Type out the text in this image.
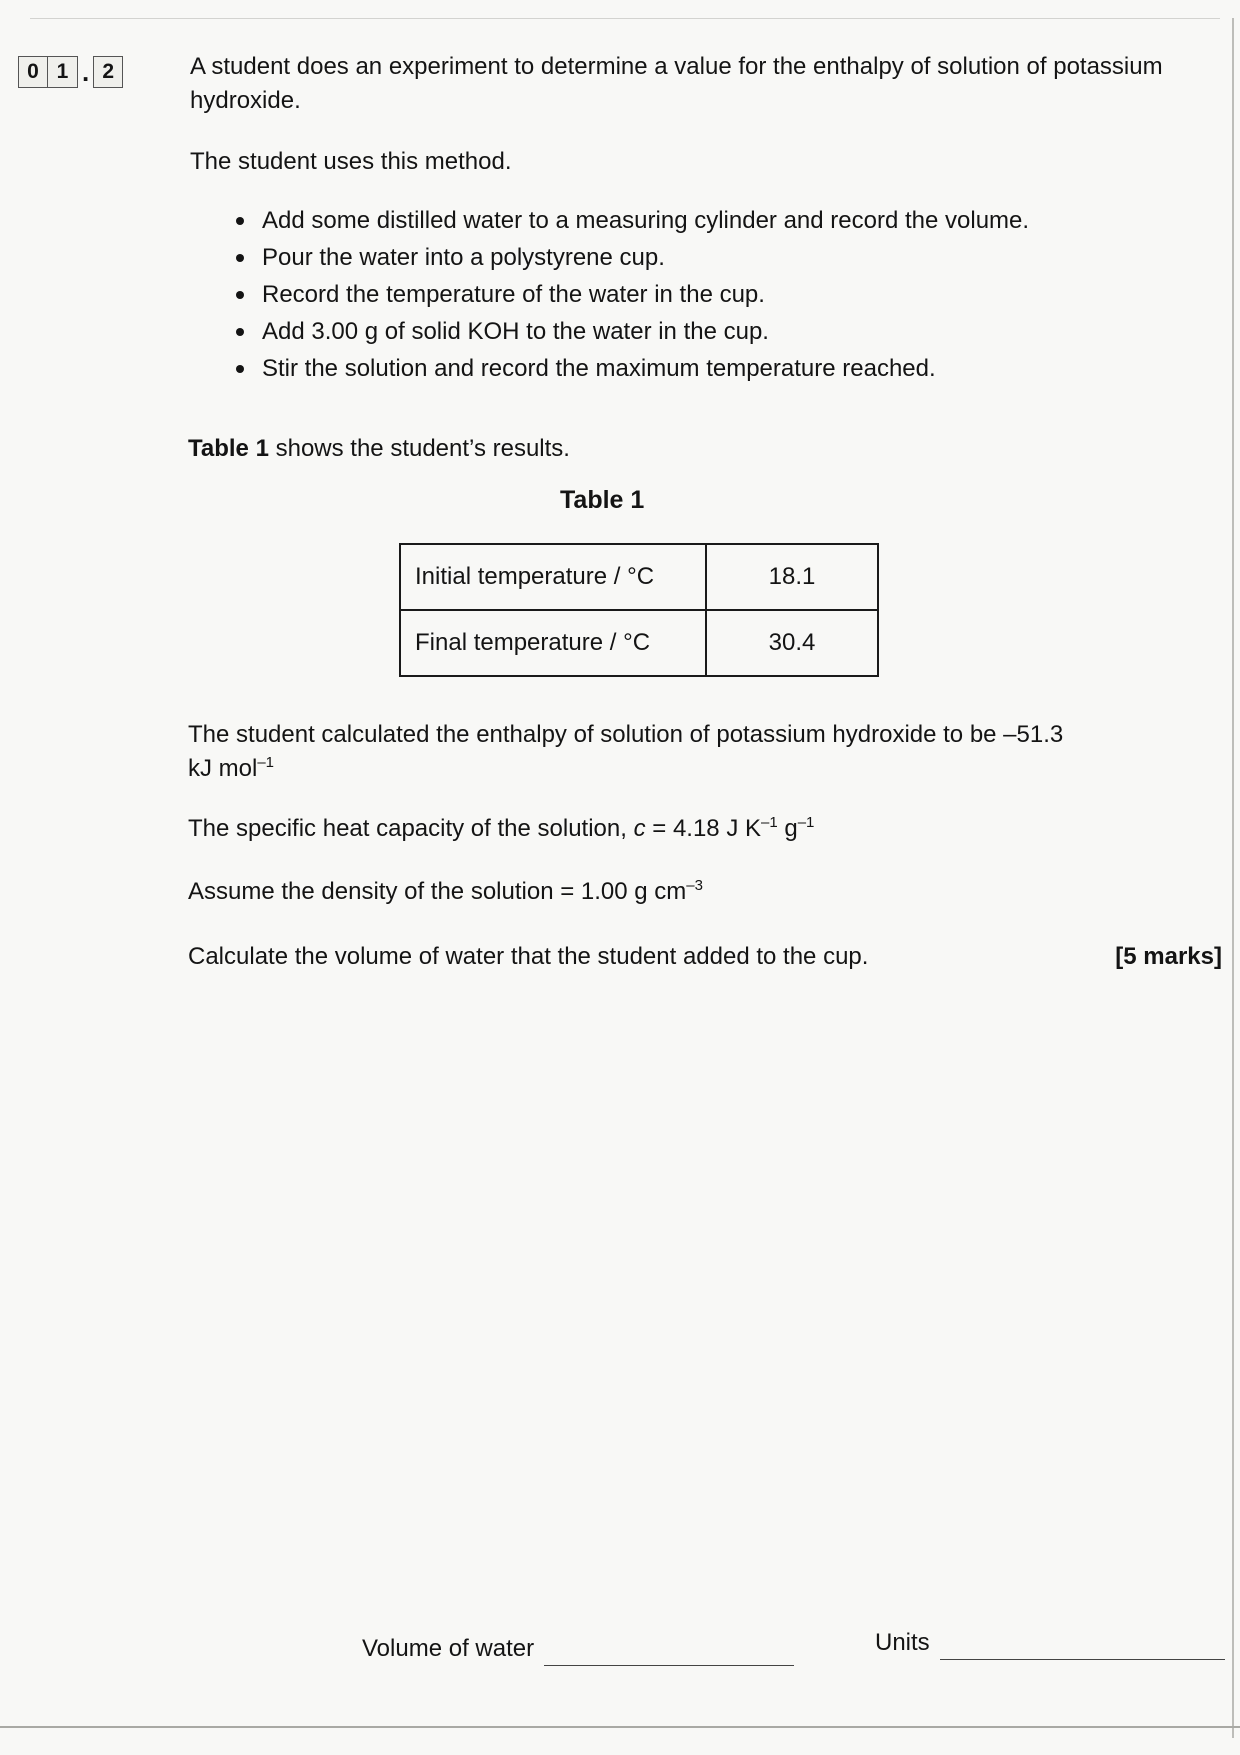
0 1 . 2	A student does an experiment to determine a value for the enthalpy of solution of potassium hydroxide.

The student uses this method.

Add some distilled water to a measuring cylinder and record the volume.
Pour the water into a polystyrene cup.
Record the temperature of the water in the cup.
Add 3.00 g of solid KOH to the water in the cup.
Stir the solution and record the maximum temperature reached.

Table 1 shows the student’s results.

Table 1
Initial temperature / °C	18.1
Final temperature / °C	30.4

The student calculated the enthalpy of solution of potassium hydroxide to be –51.3 kJ mol$^{-1}$

The specific heat capacity of the solution, c = 4.18 J $K^{-1}$ $g^{-1}$

Assume the density of the solution = 1.00 g $cm^{-3}$

Calculate the volume of water that the student added to the cup.	[5 marks]
Volume of water	Units
